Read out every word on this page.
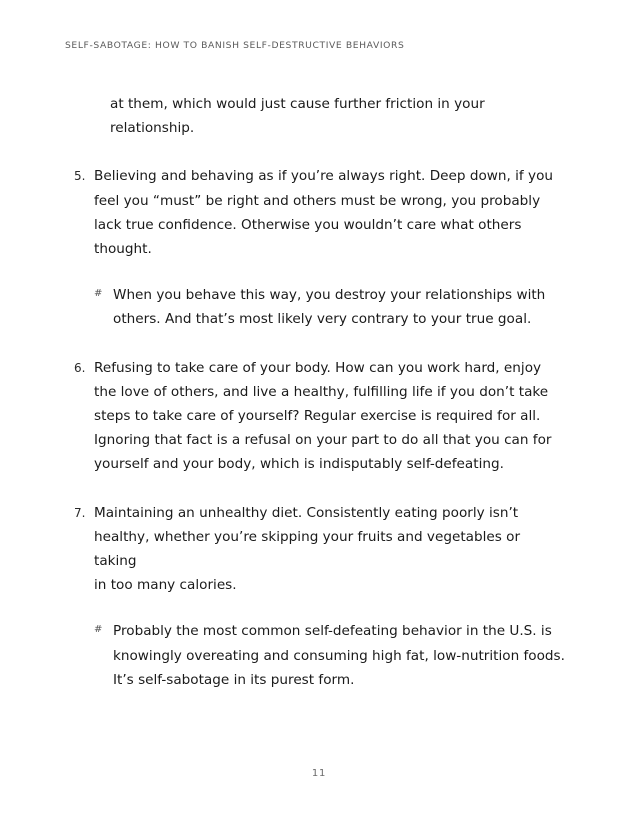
SELF-SABOTAGE: HOW TO BANISH SELF-DESTRUCTIVE BEHAVIORS
at them, which would just cause further friction in your
relationship.
5. Believing and behaving as if you’re always right. Deep down, if you
feel you “must” be right and others must be wrong, you probably
lack true confidence. Otherwise you wouldn’t care what others
thought.
# When you behave this way, you destroy your relationships with
others. And that’s most likely very contrary to your true goal.
6. Refusing to take care of your body. How can you work hard, enjoy
the love of others, and live a healthy, fulfilling life if you don’t take
steps to take care of yourself? Regular exercise is required for all.
Ignoring that fact is a refusal on your part to do all that you can for
yourself and your body, which is indisputably self-defeating.
7. Maintaining an unhealthy diet. Consistently eating poorly isn’t
healthy, whether you’re skipping your fruits and vegetables or taking
in too many calories.
# Probably the most common self-defeating behavior in the U.S. is
knowingly overeating and consuming high fat, low-nutrition foods.
It’s self-sabotage in its purest form.
11
